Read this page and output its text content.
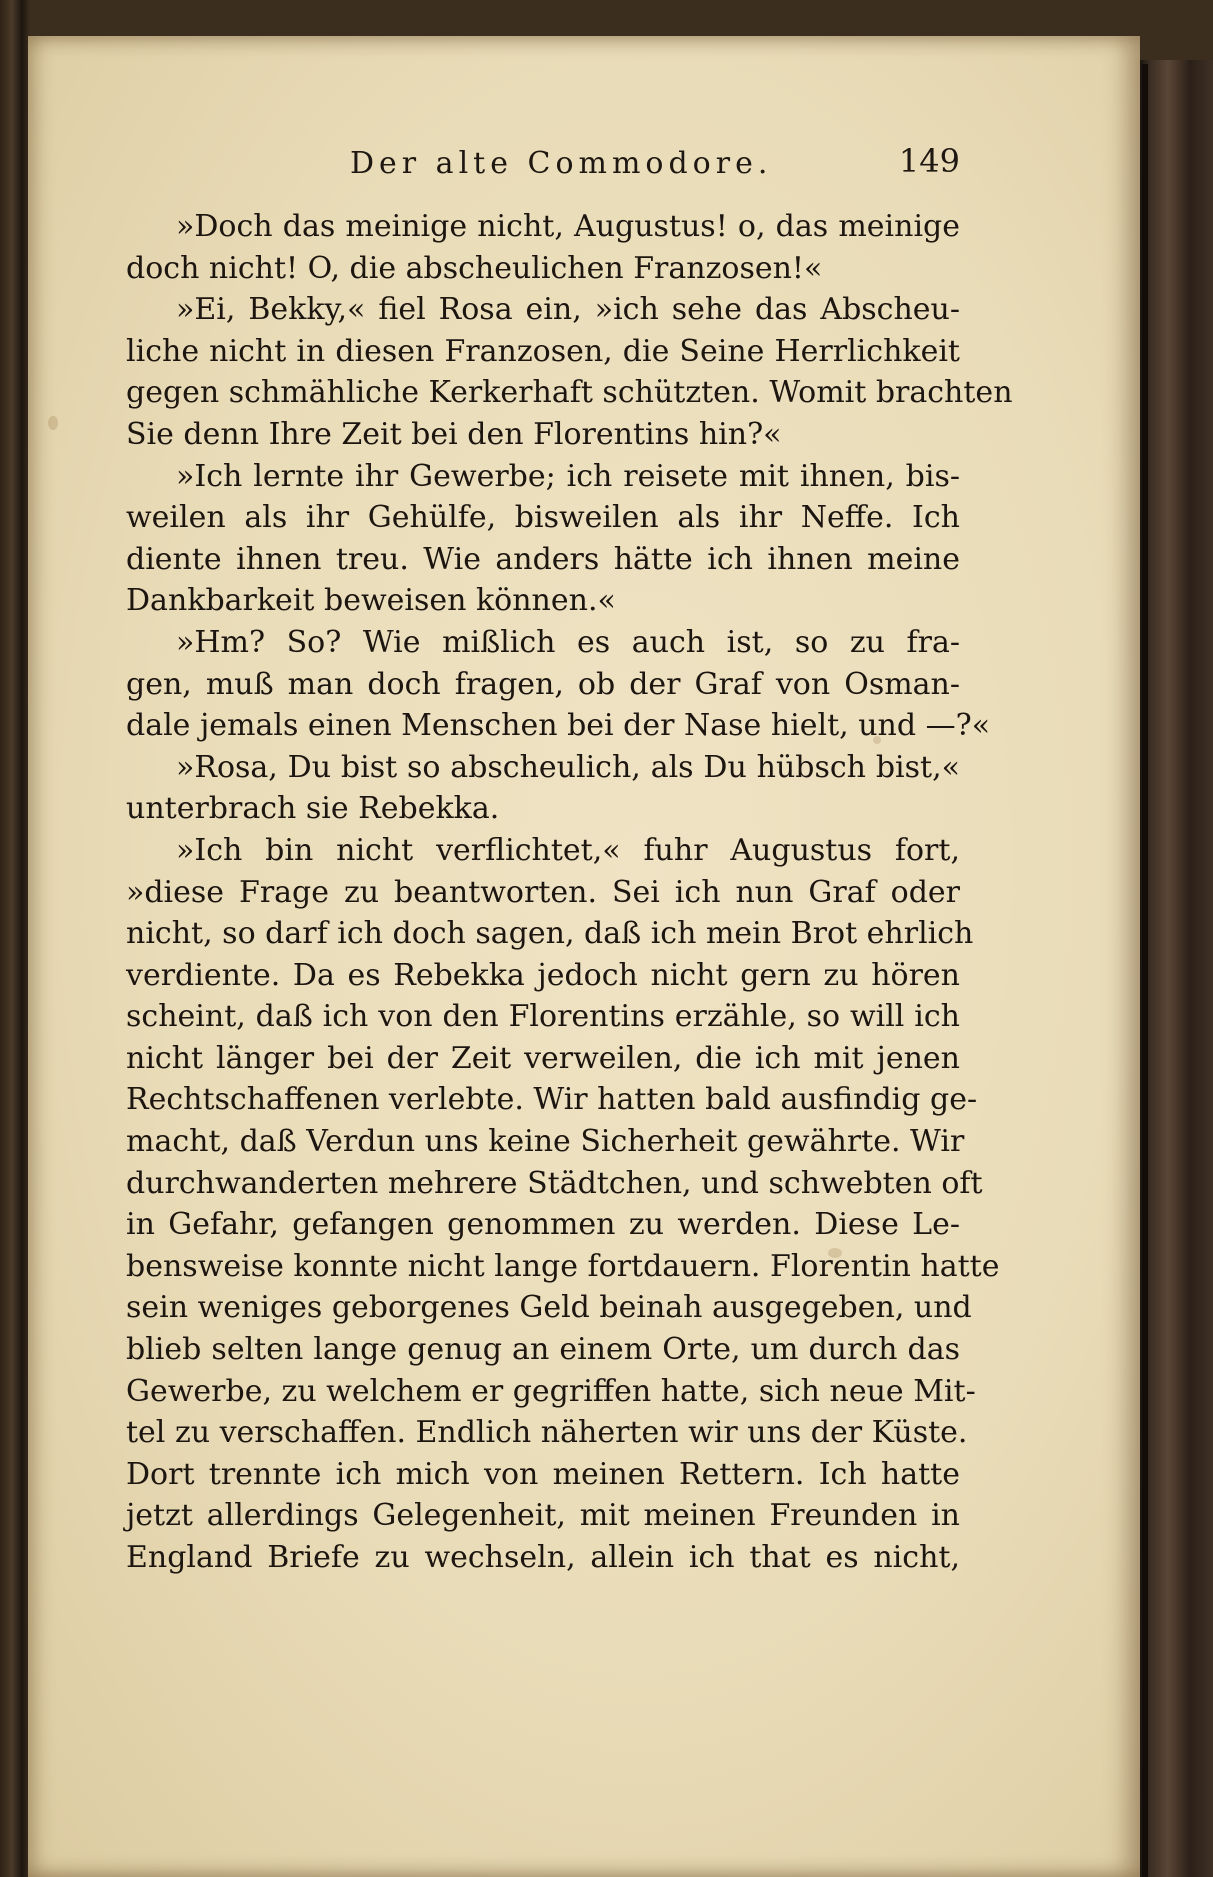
Der alte Commodore.	149
»Doch das meinige nicht, Augustus! o, das meinige
doch nicht! O, die abscheulichen Franzosen!«
»Ei, Bekky,« fiel Rosa ein, »ich sehe das Abscheu-
liche nicht in diesen Franzosen, die Seine Herrlichkeit
gegen schmähliche Kerkerhaft schützten. Womit brachten
Sie denn Ihre Zeit bei den Florentins hin?«
»Ich lernte ihr Gewerbe; ich reisete mit ihnen, bis-
weilen als ihr Gehülfe, bisweilen als ihr Neffe. Ich
diente ihnen treu. Wie anders hätte ich ihnen meine
Dankbarkeit beweisen können.«
»Hm? So? Wie mißlich es auch ist, so zu fra-
gen, muß man doch fragen, ob der Graf von Osman-
dale jemals einen Menschen bei der Nase hielt, und —?«
»Rosa, Du bist so abscheulich, als Du hübsch bist,«
unterbrach sie Rebekka.
»Ich bin nicht verflichtet,« fuhr Augustus fort,
»diese Frage zu beantworten. Sei ich nun Graf oder
nicht, so darf ich doch sagen, daß ich mein Brot ehrlich
verdiente. Da es Rebekka jedoch nicht gern zu hören
scheint, daß ich von den Florentins erzähle, so will ich
nicht länger bei der Zeit verweilen, die ich mit jenen
Rechtschaffenen verlebte. Wir hatten bald ausfindig ge-
macht, daß Verdun uns keine Sicherheit gewährte. Wir
durchwanderten mehrere Städtchen, und schwebten oft
in Gefahr, gefangen genommen zu werden. Diese Le-
bensweise konnte nicht lange fortdauern. Florentin hatte
sein weniges geborgenes Geld beinah ausgegeben, und
blieb selten lange genug an einem Orte, um durch das
Gewerbe, zu welchem er gegriffen hatte, sich neue Mit-
tel zu verschaffen. Endlich näherten wir uns der Küste.
Dort trennte ich mich von meinen Rettern. Ich hatte
jetzt allerdings Gelegenheit, mit meinen Freunden in
England Briefe zu wechseln, allein ich that es nicht,
